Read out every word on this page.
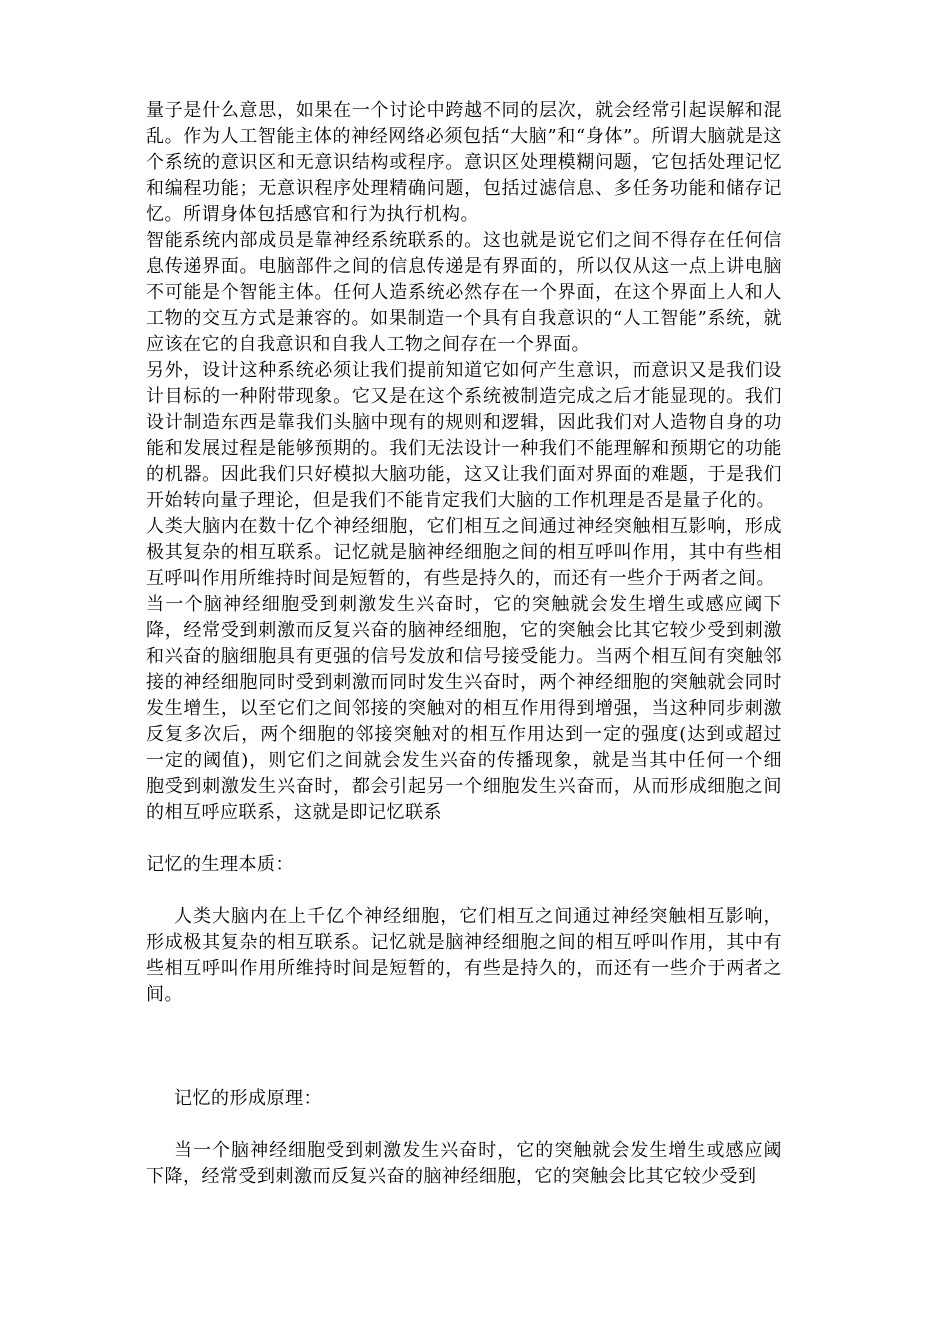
量子是什么意思，如果在一个讨论中跨越不同的层次，就会经常引起误解和混乱。作为人工智能主体的神经网络必须包括“大脑”和“身体”。所谓大脑就是这个系统的意识区和无意识结构或程序。意识区处理模糊问题，它包括处理记忆和编程功能；无意识程序处理精确问题，包括过滤信息、多任务功能和储存记忆。所谓身体包括感官和行为执行机构。

智能系统内部成员是靠神经系统联系的。这也就是说它们之间不得存在任何信息传递界面。电脑部件之间的信息传递是有界面的，所以仅从这一点上讲电脑不可能是个智能主体。任何人造系统必然存在一个界面，在这个界面上人和人工物的交互方式是兼容的。如果制造一个具有自我意识的“人工智能”系统，就应该在它的自我意识和自我人工物之间存在一个界面。

另外，设计这种系统必须让我们提前知道它如何产生意识，而意识又是我们设计目标的一种附带现象。它又是在这个系统被制造完成之后才能显现的。我们设计制造东西是靠我们头脑中现有的规则和逻辑，因此我们对人造物自身的功能和发展过程是能够预期的。我们无法设计一种我们不能理解和预期它的功能的机器。因此我们只好模拟大脑功能，这又让我们面对界面的难题，于是我们开始转向量子理论，但是我们不能肯定我们大脑的工作机理是否是量子化的。

人类大脑内在数十亿个神经细胞，它们相互之间通过神经突触相互影响，形成极其复杂的相互联系。记忆就是脑神经细胞之间的相互呼叫作用，其中有些相互呼叫作用所维持时间是短暂的，有些是持久的，而还有一些介于两者之间。

当一个脑神经细胞受到刺激发生兴奋时，它的突触就会发生增生或感应阈下降，经常受到刺激而反复兴奋的脑神经细胞，它的突触会比其它较少受到刺激和兴奋的脑细胞具有更强的信号发放和信号接受能力。当两个相互间有突触邻接的神经细胞同时受到刺激而同时发生兴奋时，两个神经细胞的突触就会同时发生增生，以至它们之间邻接的突触对的相互作用得到增强，当这种同步刺激反复多次后，两个细胞的邻接突触对的相互作用达到一定的强度(达到或超过一定的阈值)，则它们之间就会发生兴奋的传播现象，就是当其中任何一个细胞受到刺激发生兴奋时，都会引起另一个细胞发生兴奋而，从而形成细胞之间的相互呼应联系，这就是即记忆联系

记忆的生理本质：

人类大脑内在上千亿个神经细胞，它们相互之间通过神经突触相互影响，形成极其复杂的相互联系。记忆就是脑神经细胞之间的相互呼叫作用，其中有些相互呼叫作用所维持时间是短暂的，有些是持久的，而还有一些介于两者之间。

记忆的形成原理：

当一个脑神经细胞受到刺激发生兴奋时，它的突触就会发生增生或感应阈下降，经常受到刺激而反复兴奋的脑神经细胞，它的突触会比其它较少受到
